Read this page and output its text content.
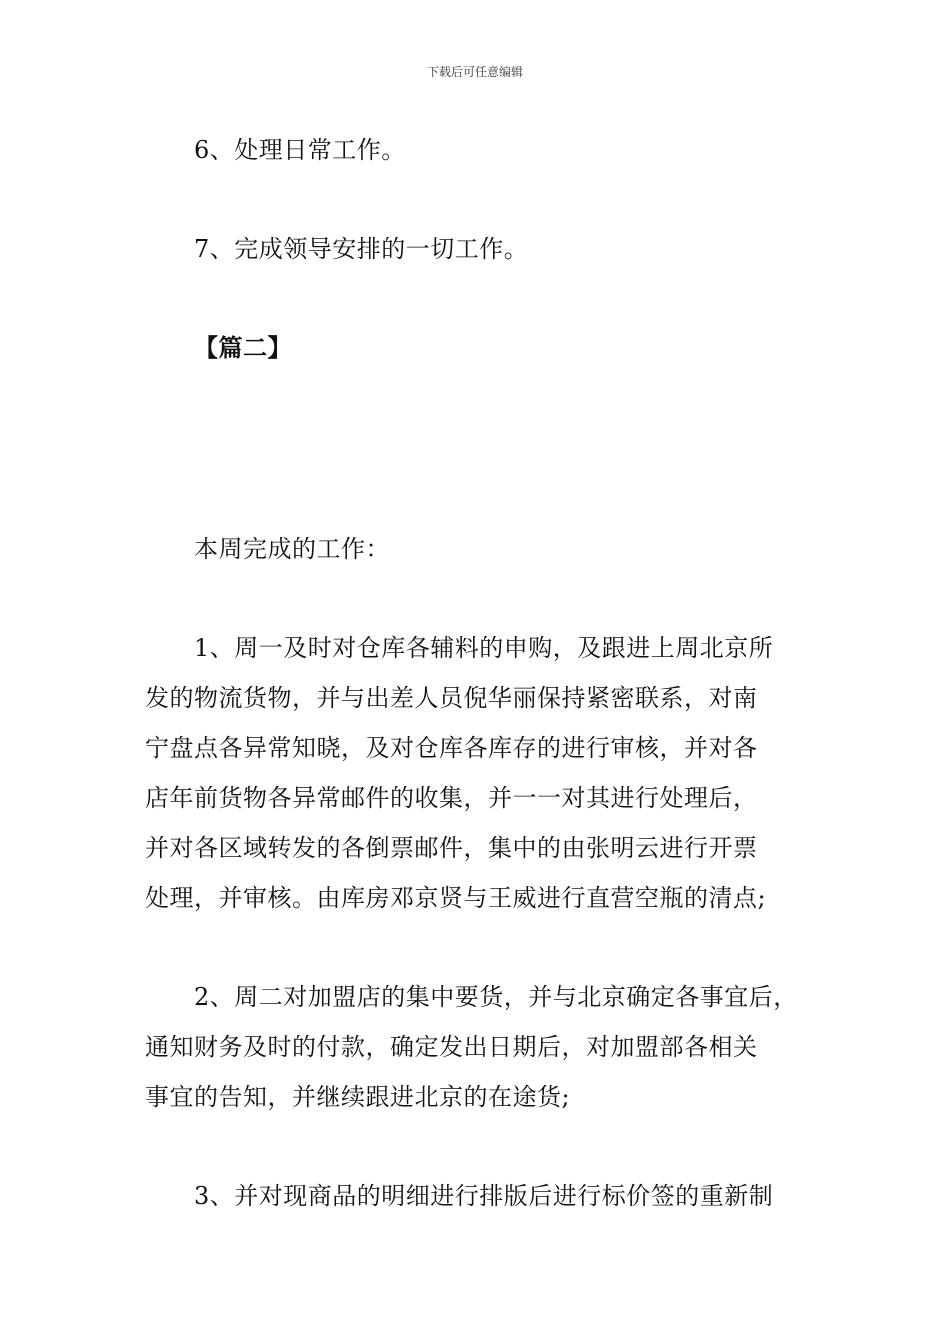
下载后可任意编辑
6、处理日常工作。
7、完成领导安排的一切工作。
【篇二】
本周完成的工作：
1、周一及时对仓库各辅料的申购，及跟进上周北京所
发的物流货物，并与出差人员倪华丽保持紧密联系，对南
宁盘点各异常知晓，及对仓库各库存的进行审核，并对各
店年前货物各异常邮件的收集，并一一对其进行处理后，
并对各区域转发的各倒票邮件，集中的由张明云进行开票
处理，并审核。由库房邓京贤与王威进行直营空瓶的清点;
2、周二对加盟店的集中要货，并与北京确定各事宜后，
通知财务及时的付款，确定发出日期后，对加盟部各相关
事宜的告知，并继续跟进北京的在途货;
3、并对现商品的明细进行排版后进行标价签的重新制
